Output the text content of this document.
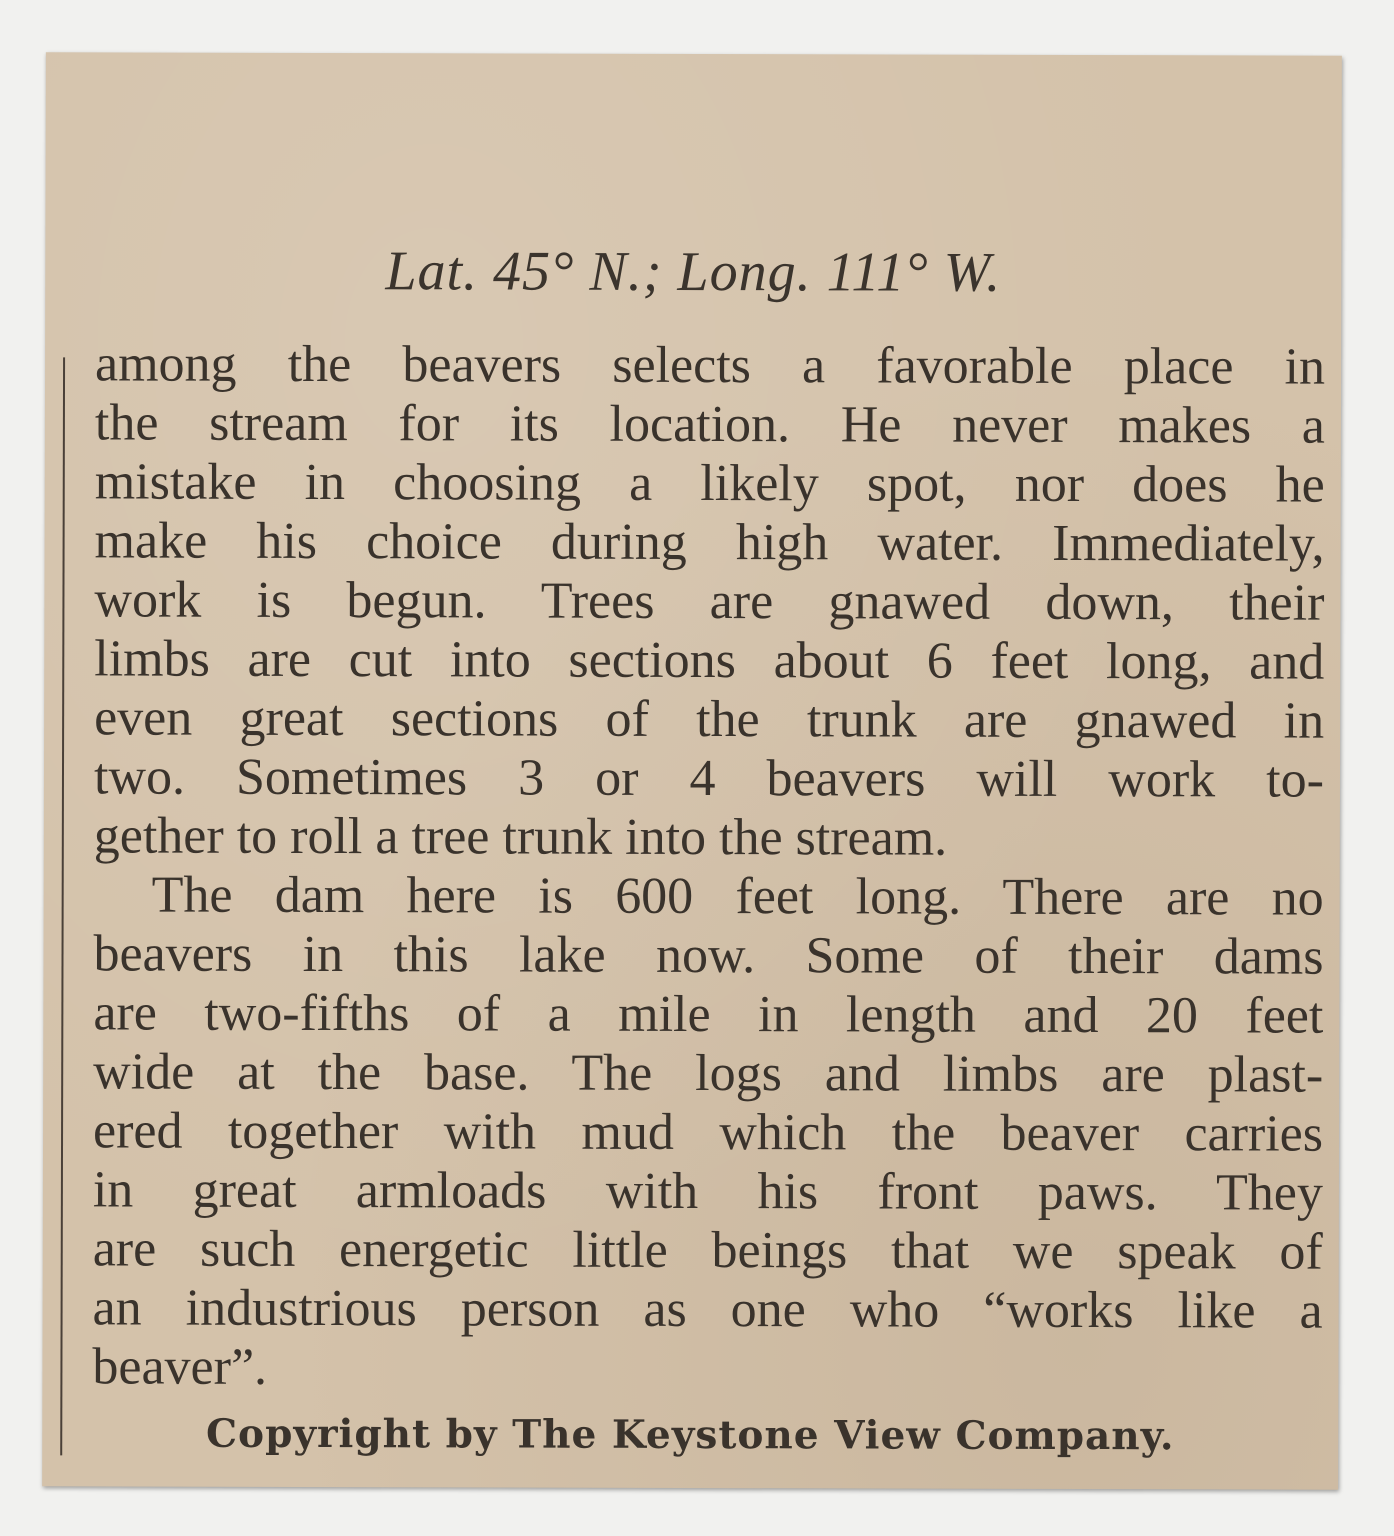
Lat. 45° N.; Long. 111° W.
among the beavers selects a favorable place in
the stream for its location. He never makes a
mistake in choosing a likely spot, nor does he
make his choice during high water. Immediately,
work is begun. Trees are gnawed down, their
limbs are cut into sections about 6 feet long, and
even great sections of the trunk are gnawed in
two. Sometimes 3 or 4 beavers will work to-
gether to roll a tree trunk into the stream.
The dam here is 600 feet long. There are no
beavers in this lake now. Some of their dams
are two-fifths of a mile in length and 20 feet
wide at the base. The logs and limbs are plast-
ered together with mud which the beaver carries
in great armloads with his front paws. They
are such energetic little beings that we speak of
an industrious person as one who “works like a
beaver”.
Copyright by The Keystone View Company.
